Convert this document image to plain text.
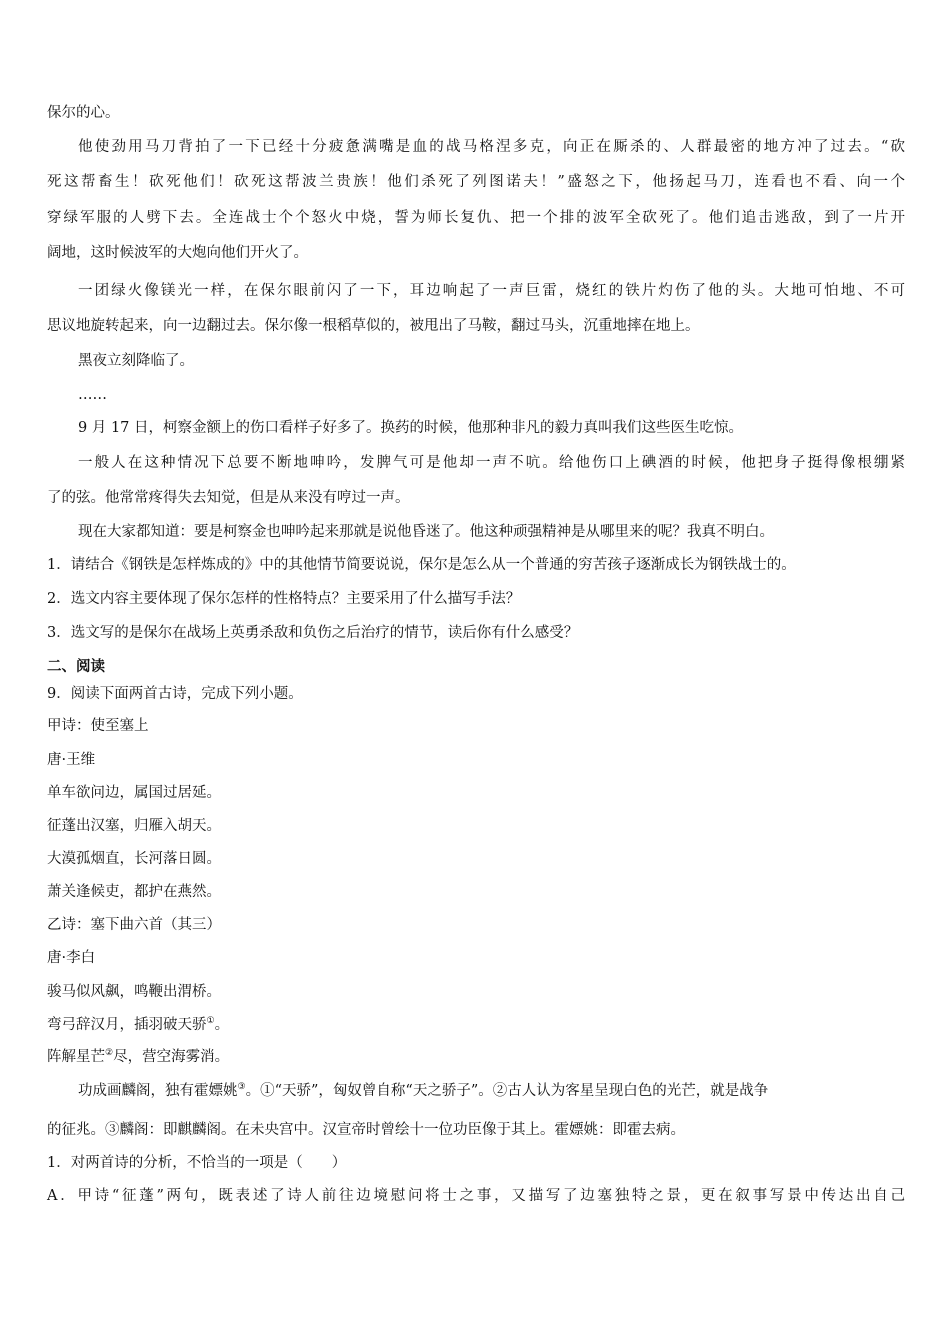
保尔的心。
他使劲用马刀背拍了一下已经十分疲惫满嘴是血的战马格涅多克，向正在厮杀的、人群最密的地方冲了过去。“砍
死这帮畜生！砍死他们！砍死这帮波兰贵族！他们杀死了列图诺夫！”盛怒之下，他扬起马刀，连看也不看、向一个
穿绿军服的人劈下去。全连战士个个怒火中烧，誓为师长复仇、把一个排的波军全砍死了。他们追击逃敌，到了一片开
阔地，这时候波军的大炮向他们开火了。
一团绿火像镁光一样，在保尔眼前闪了一下，耳边响起了一声巨雷，烧红的铁片灼伤了他的头。大地可怕地、不可
思议地旋转起来，向一边翻过去。保尔像一根稻草似的，被甩出了马鞍，翻过马头，沉重地摔在地上。
黑夜立刻降临了。
……
9 月 17 日，柯察金额上的伤口看样子好多了。换药的时候，他那种非凡的毅力真叫我们这些医生吃惊。
一般人在这种情况下总要不断地呻吟，发脾气可是他却一声不吭。给他伤口上碘酒的时候，他把身子挺得像根绷紧
了的弦。他常常疼得失去知觉，但是从来没有哼过一声。
现在大家都知道：要是柯察金也呻吟起来那就是说他昏迷了。他这种顽强精神是从哪里来的呢？我真不明白。
1．请结合《钢铁是怎样炼成的》中的其他情节简要说说，保尔是怎么从一个普通的穷苦孩子逐渐成长为钢铁战士的。
2．选文内容主要体现了保尔怎样的性格特点？主要采用了什么描写手法？
3．选文写的是保尔在战场上英勇杀敌和负伤之后治疗的情节，读后你有什么感受？
二、阅读
9．阅读下面两首古诗，完成下列小题。
甲诗：使至塞上
唐·王维
单车欲问边，属国过居延。
征蓬出汉塞，归雁入胡天。
大漠孤烟直，长河落日圆。
萧关逢候吏，都护在燕然。
乙诗：塞下曲六首（其三）
唐·李白
骏马似风飙，鸣鞭出渭桥。
弯弓辞汉月，插羽破天骄①。
阵解星芒②尽，营空海雾消。
功成画麟阁，独有霍嫖姚③。①“天骄”，匈奴曾自称“天之骄子”。②古人认为客星呈现白色的光芒，就是战争
的征兆。③麟阁：即麒麟阁。在未央宫中。汉宣帝时曾绘十一位功臣像于其上。霍嫖姚：即霍去病。
1．对两首诗的分析，不恰当的一项是（　　）
A．甲诗“征蓬”两句，既表述了诗人前往边境慰问将士之事，又描写了边塞独特之景，更在叙事写景中传达出自己
